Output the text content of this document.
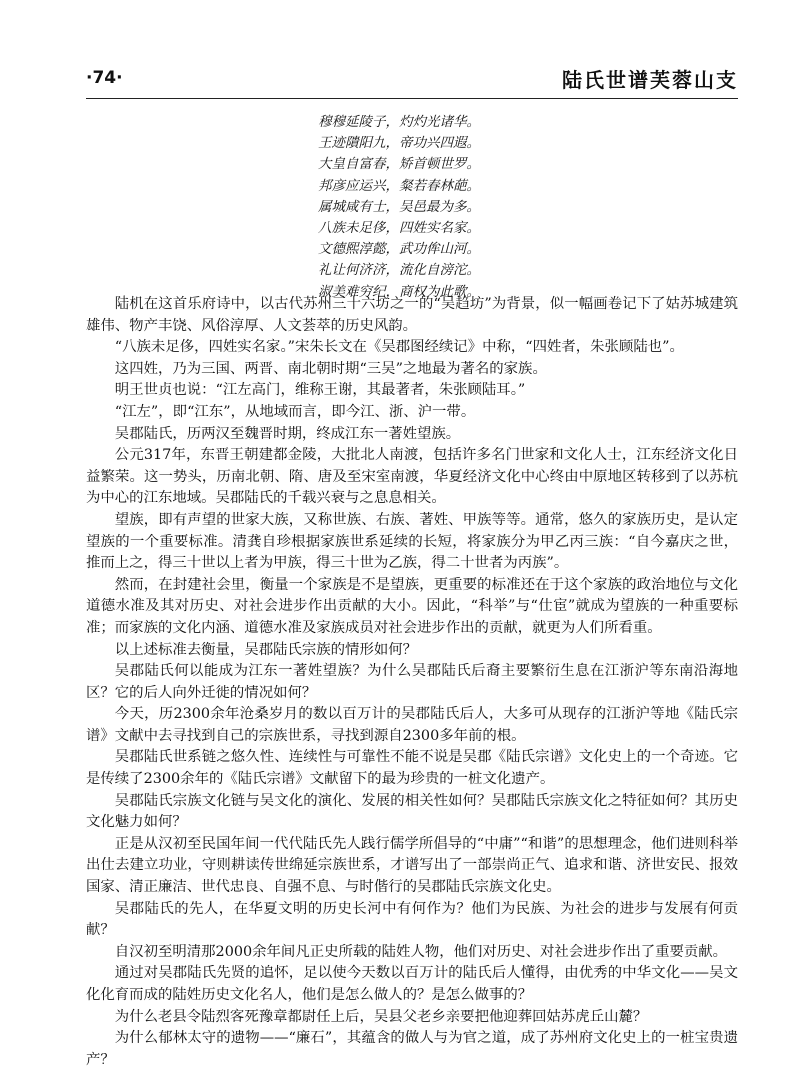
·74·	陆氏世谱芙蓉山支
穆穆延陵子，灼灼光诸华。
王迹隤阳九，帝功兴四遐。
大皇自富春，矫首顿世罗。
邦彦应运兴，粲若春林葩。
属城咸有士，吴邑最为多。
八族未足侈，四姓实名家。
文德熙淳懿，武功侔山河。
礼让何济济，流化自滂沱。
淑美难穷纪，商权为此歌。

陆机在这首乐府诗中，以古代苏州三十六坊之一的“吴趋坊”为背景，似一幅画卷记下了姑苏城建筑雄伟、物产丰饶、风俗淳厚、人文荟萃的历史风韵。

“八族未足侈，四姓实名家。”宋朱长文在《吴郡图经续记》中称，“四姓者，朱张顾陆也”。

这四姓，乃为三国、两晋、南北朝时期“三吴”之地最为著名的家族。

明王世贞也说：“江左高门，维称王谢，其最著者，朱张顾陆耳。”

“江左”，即“江东”，从地域而言，即今江、浙、沪一带。

吴郡陆氏，历两汉至魏晋时期，终成江东一著姓望族。

公元317年，东晋王朝建都金陵，大批北人南渡，包括许多名门世家和文化人士，江东经济文化日益繁荣。这一势头，历南北朝、隋、唐及至宋室南渡，华夏经济文化中心终由中原地区转移到了以苏杭为中心的江东地域。吴郡陆氏的千载兴衰与之息息相关。

望族，即有声望的世家大族，又称世族、右族、著姓、甲族等等。通常，悠久的家族历史，是认定望族的一个重要标准。清龚自珍根据家族世系延续的长短，将家族分为甲乙丙三族：“自今嘉庆之世，推而上之，得三十世以上者为甲族，得三十世为乙族，得二十世者为丙族”。

然而，在封建社会里，衡量一个家族是不是望族，更重要的标准还在于这个家族的政治地位与文化道德水准及其对历史、对社会进步作出贡献的大小。因此，“科举”与“仕宦”就成为望族的一种重要标准；而家族的文化内涵、道德水准及家族成员对社会进步作出的贡献，就更为人们所看重。

以上述标准去衡量，吴郡陆氏宗族的情形如何？

吴郡陆氏何以能成为江东一著姓望族？为什么吴郡陆氏后裔主要繁衍生息在江浙沪等东南沿海地区？它的后人向外迁徙的情况如何？

今天，历2300余年沧桑岁月的数以百万计的吴郡陆氏后人，大多可从现存的江浙沪等地《陆氏宗谱》文献中去寻找到自己的宗族世系，寻找到源自2300多年前的根。

吴郡陆氏世系链之悠久性、连续性与可靠性不能不说是吴郡《陆氏宗谱》文化史上的一个奇迹。它是传续了2300余年的《陆氏宗谱》文献留下的最为珍贵的一桩文化遗产。

吴郡陆氏宗族文化链与吴文化的演化、发展的相关性如何？吴郡陆氏宗族文化之特征如何？其历史文化魅力如何？

正是从汉初至民国年间一代代陆氏先人践行儒学所倡导的“中庸”“和谐”的思想理念，他们进则科举出仕去建立功业，守则耕读传世绵延宗族世系，才谱写出了一部崇尚正气、追求和谐、济世安民、报效国家、清正廉洁、世代忠良、自强不息、与时偕行的吴郡陆氏宗族文化史。

吴郡陆氏的先人，在华夏文明的历史长河中有何作为？他们为民族、为社会的进步与发展有何贡献？

自汉初至明清那2000余年间凡正史所载的陆姓人物，他们对历史、对社会进步作出了重要贡献。

通过对吴郡陆氏先贤的追怀，足以使今天数以百万计的陆氏后人懂得，由优秀的中华文化——吴文化化育而成的陆姓历史文化名人，他们是怎么做人的？是怎么做事的？

为什么老县令陆烈客死豫章都尉任上后，吴县父老乡亲要把他迎葬回姑苏虎丘山麓？

为什么郁林太守的遗物——“廉石”，其蕴含的做人与为官之道，成了苏州府文化史上的一桩宝贵遗产？
